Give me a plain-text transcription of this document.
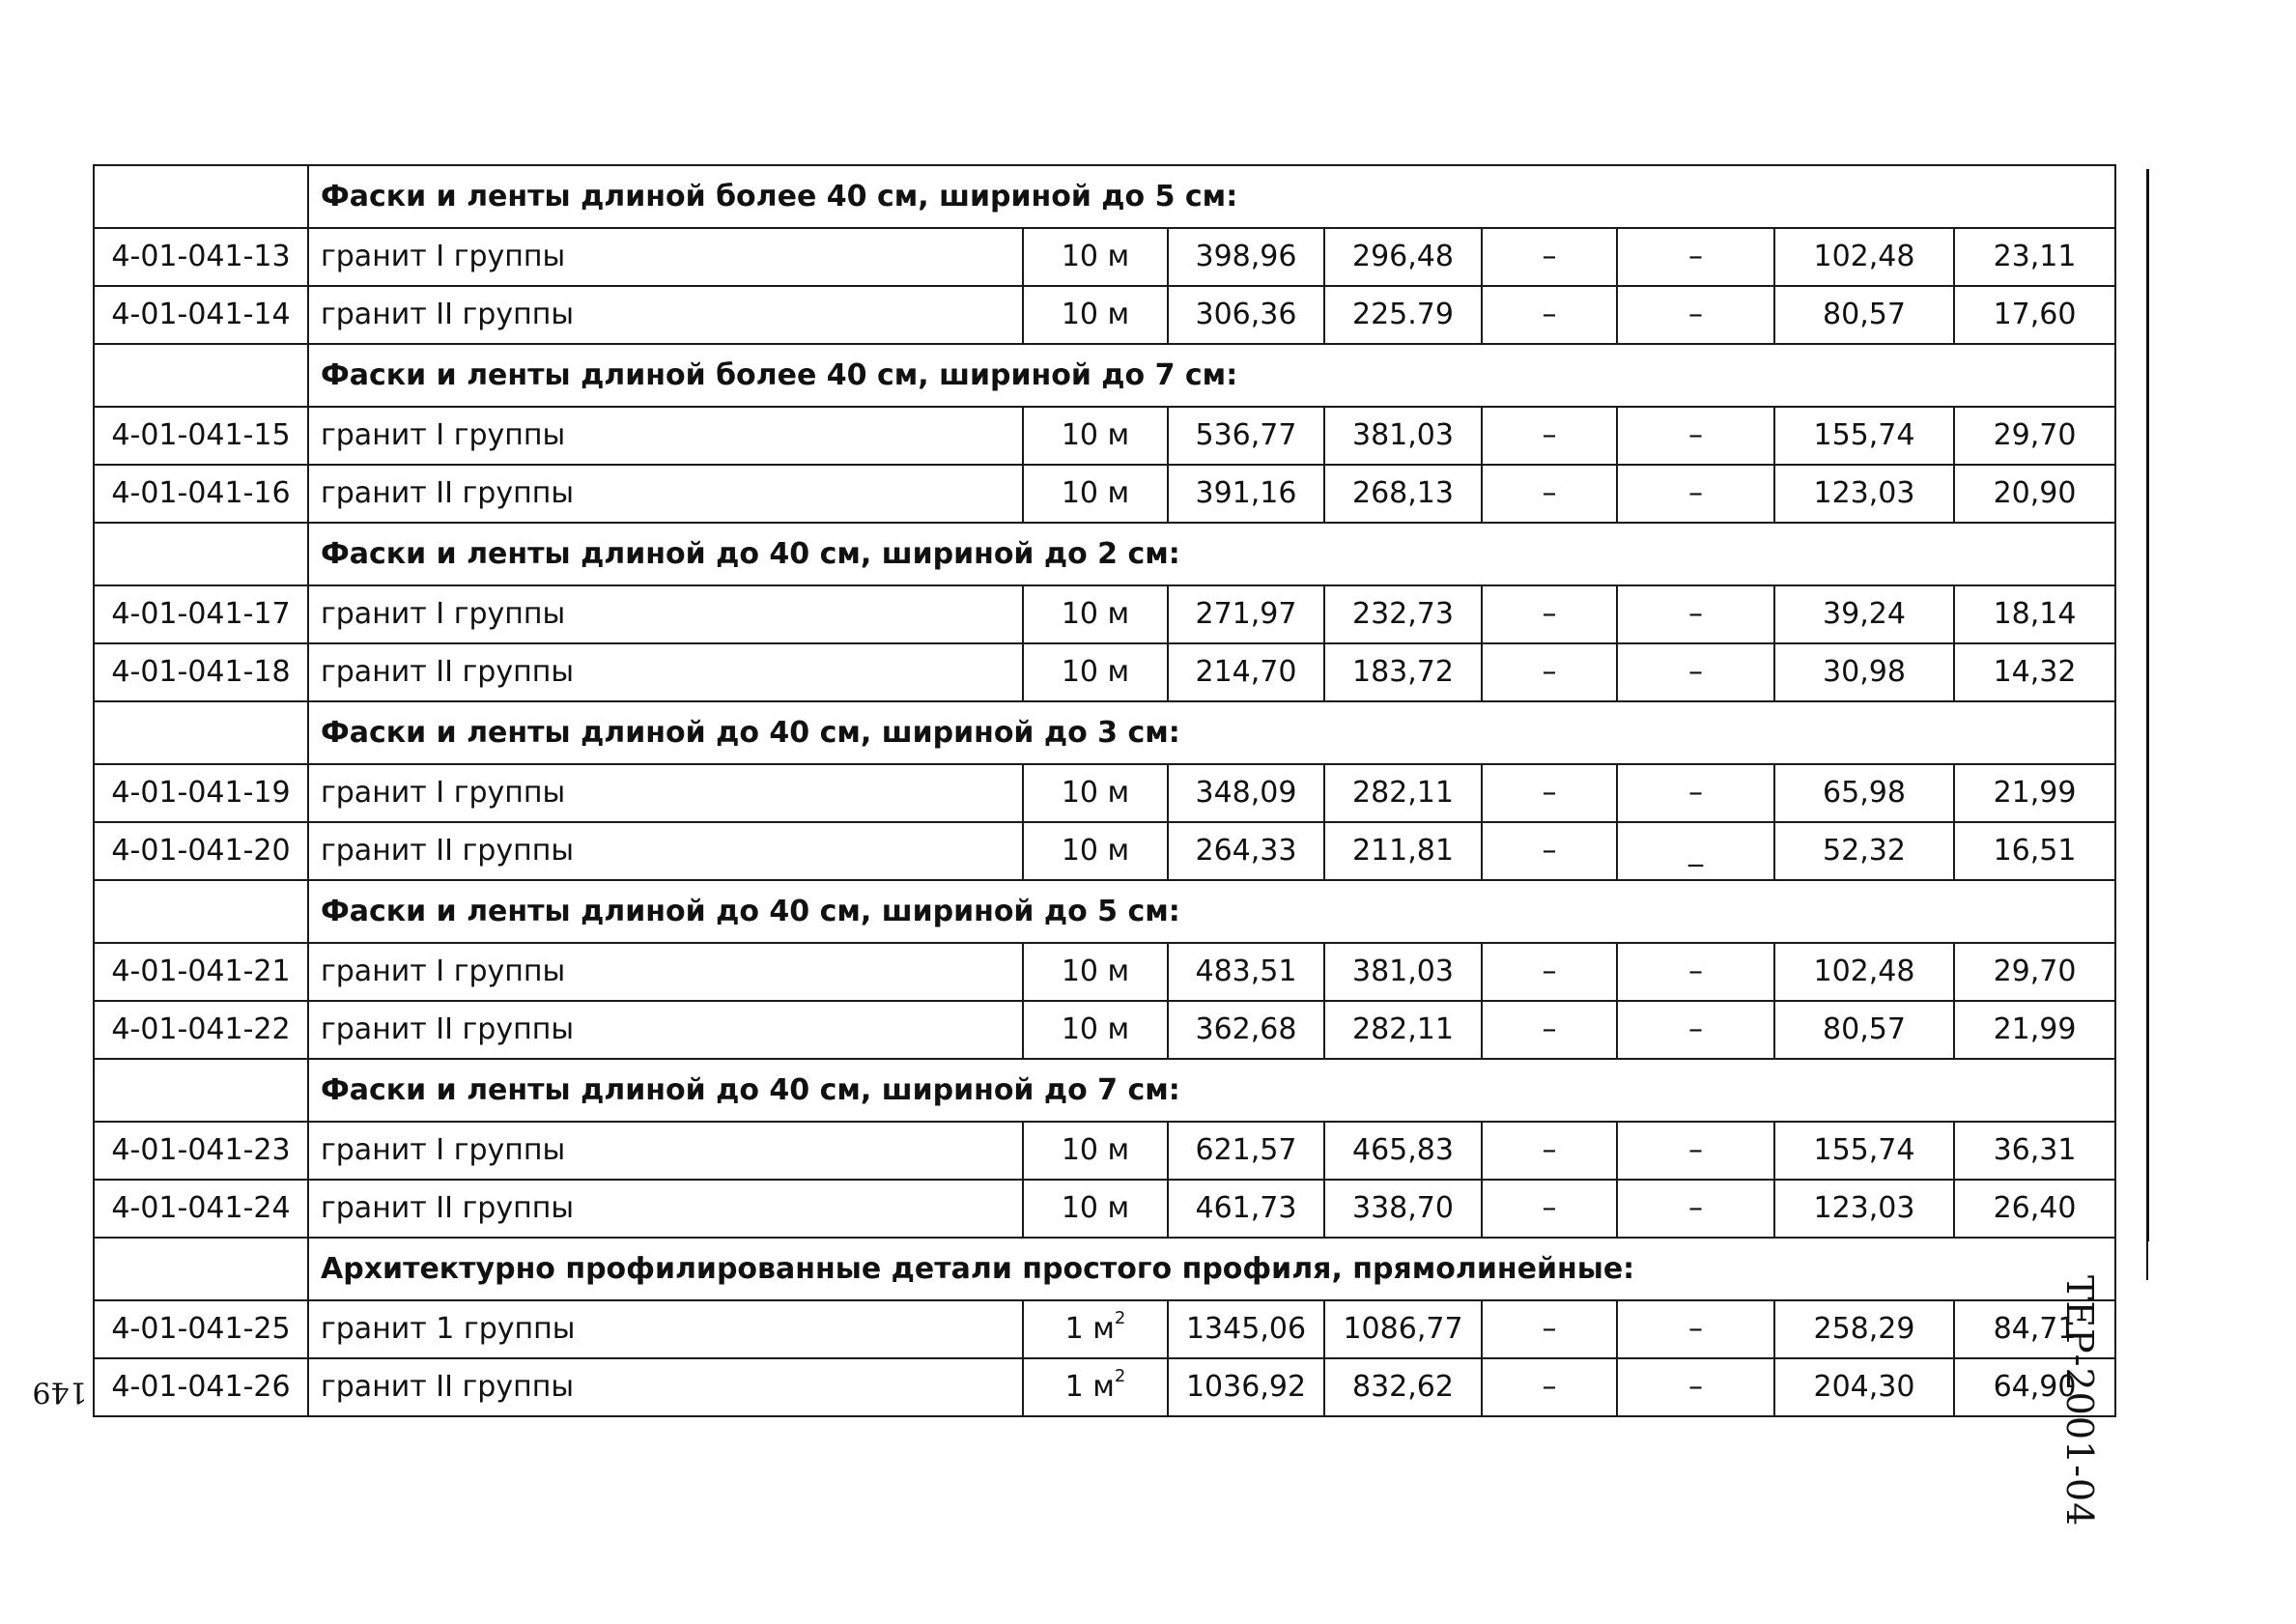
	Фаски и ленты длиной более 40 см, шириной до 5 см:							
4-01-041-13	гранит I группы	10 м	398,96	296,48	–	–	102,48	23,11
4-01-041-14	гранит II группы	10 м	306,36	225.79	–	–	80,57	17,60
	Фаски и ленты длиной более 40 см, шириной до 7 см:							
4-01-041-15	гранит I группы	10 м	536,77	381,03	–	–	155,74	29,70
4-01-041-16	гранит II группы	10 м	391,16	268,13	–	–	123,03	20,90
	Фаски и ленты длиной до 40 см, шириной до 2 см:							
4-01-041-17	гранит I группы	10 м	271,97	232,73	–	–	39,24	18,14
4-01-041-18	гранит II группы	10 м	214,70	183,72	–	–	30,98	14,32
	Фаски и ленты длиной до 40 см, шириной до 3 см:							
4-01-041-19	гранит I группы	10 м	348,09	282,11	–	–	65,98	21,99
4-01-041-20	гранит II группы	10 м	264,33	211,81	–	_	52,32	16,51
	Фаски и ленты длиной до 40 см, шириной до 5 см:							
4-01-041-21	гранит I группы	10 м	483,51	381,03	–	–	102,48	29,70
4-01-041-22	гранит II группы	10 м	362,68	282,11	–	–	80,57	21,99
	Фаски и ленты длиной до 40 см, шириной до 7 см:							
4-01-041-23	гранит I группы	10 м	621,57	465,83	–	–	155,74	36,31
4-01-041-24	гранит II группы	10 м	461,73	338,70	–	–	123,03	26,40
	Архитектурно профилированные детали простого профиля, прямолинейные:							
4-01-041-25	гранит 1 группы	1 $м^2$	1345,06	1086,77	–	–	258,29	84,71
4-01-041-26	гранит II группы	1 $м^2$	1036,92	832,62	–	–	204,30	64,90
ТЕР-2001-04
149
